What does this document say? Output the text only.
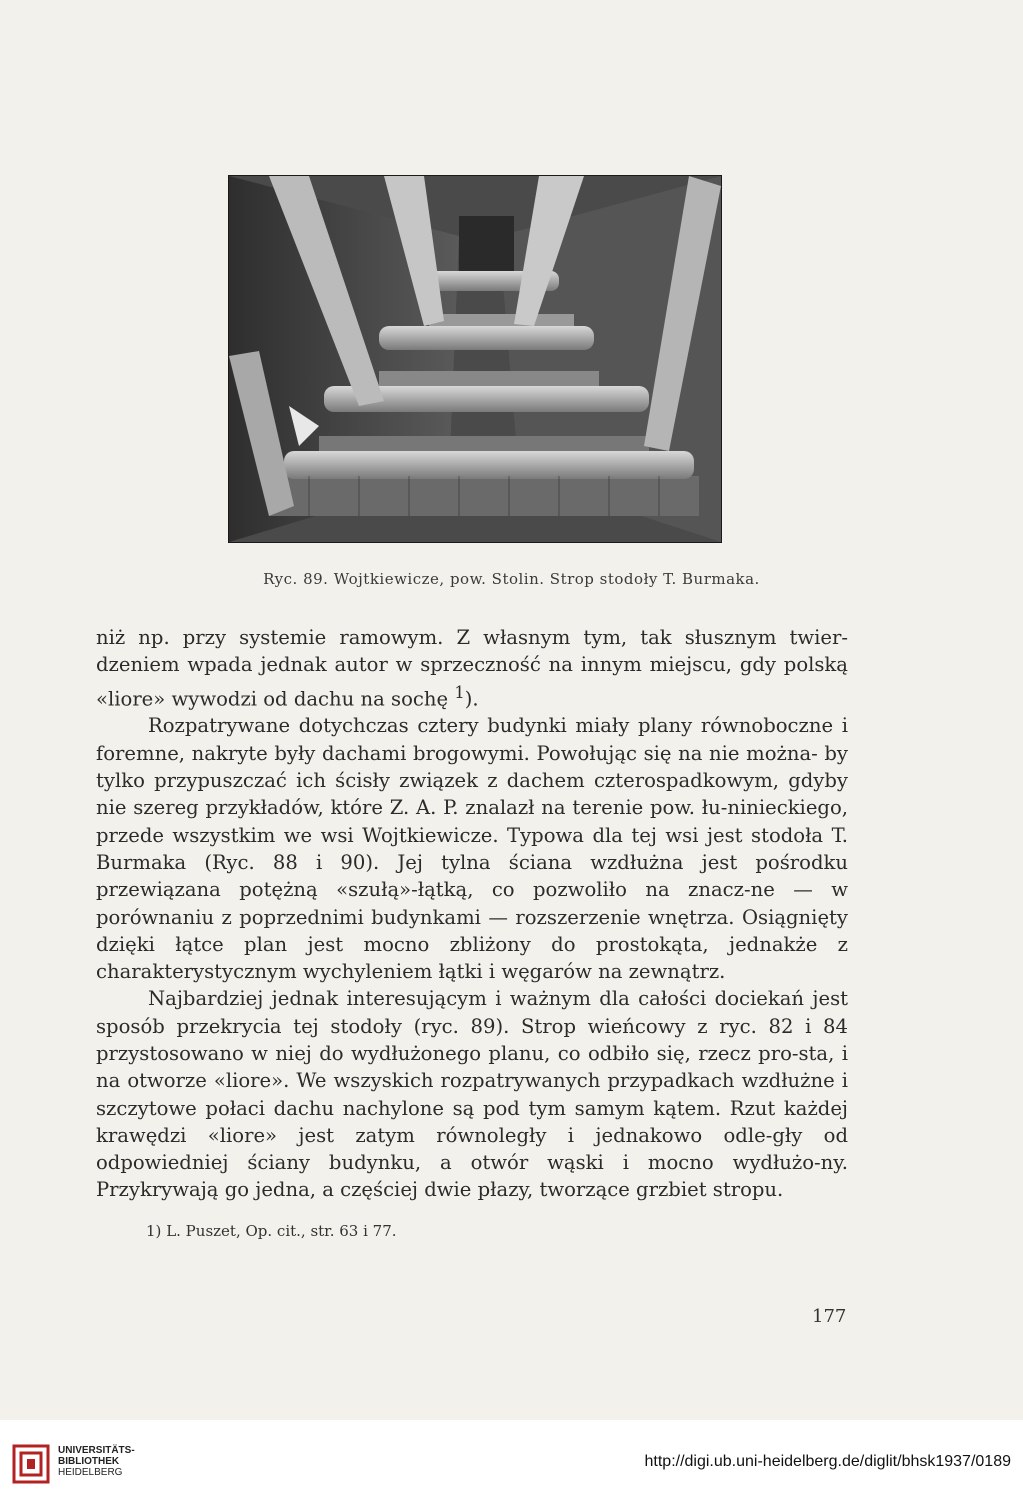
Ryc. 89. Wojtkiewicze, pow. Stolin. Strop stodoły T. Burmaka.

niż np. przy systemie ramowym. Z własnym tym, tak słusznym twier-dzeniem wpada jednak autor w sprzeczność na innym miejscu, gdy polską «liore» wywodzi od dachu na sochę $^1$).

Rozpatrywane dotychczas cztery budynki miały plany równoboczne i foremne, nakryte były dachami brogowymi. Powołując się na nie można- by tylko przypuszczać ich ścisły związek z dachem czterospadkowym, gdyby nie szereg przykładów, które Z. A. P. znalazł na terenie pow. łu-ninieckiego, przede wszystkim we wsi Wojtkiewicze. Typowa dla tej wsi jest stodoła T. Burmaka (Ryc. 88 i 90). Jej tylna ściana wzdłużna jest pośrodku przewiązana potężną «szułą»-łątką, co pozwoliło na znacz-ne — w porównaniu z poprzednimi budynkami — rozszerzenie wnętrza. Osiągnięty dzięki łątce plan jest mocno zbliżony do prostokąta, jednakże z charakterystycznym wychyleniem łątki i węgarów na zewnątrz.

Najbardziej jednak interesującym i ważnym dla całości dociekań jest sposób przekrycia tej stodoły (ryc. 89). Strop wieńcowy z ryc. 82 i 84 przystosowano w niej do wydłużonego planu, co odbiło się, rzecz pro-sta, i na otworze «liore». We wszyskich rozpatrywanych przypadkach wzdłużne i szczytowe połaci dachu nachylone są pod tym samym kątem. Rzut każdej krawędzi «liore» jest zatym równoległy i jednakowo odle-gły od odpowiedniej ściany budynku, a otwór wąski i mocno wydłużo-ny. Przykrywają go jedna, a częściej dwie płazy, tworzące grzbiet stropu.

1) L. Puszet, Op. cit., str. 63 i 77.
177
UNIVERSITÄTS-
BIBLIOTHEK
HEIDELBERG
http://digi.ub.uni-heidelberg.de/diglit/bhsk1937/0189
